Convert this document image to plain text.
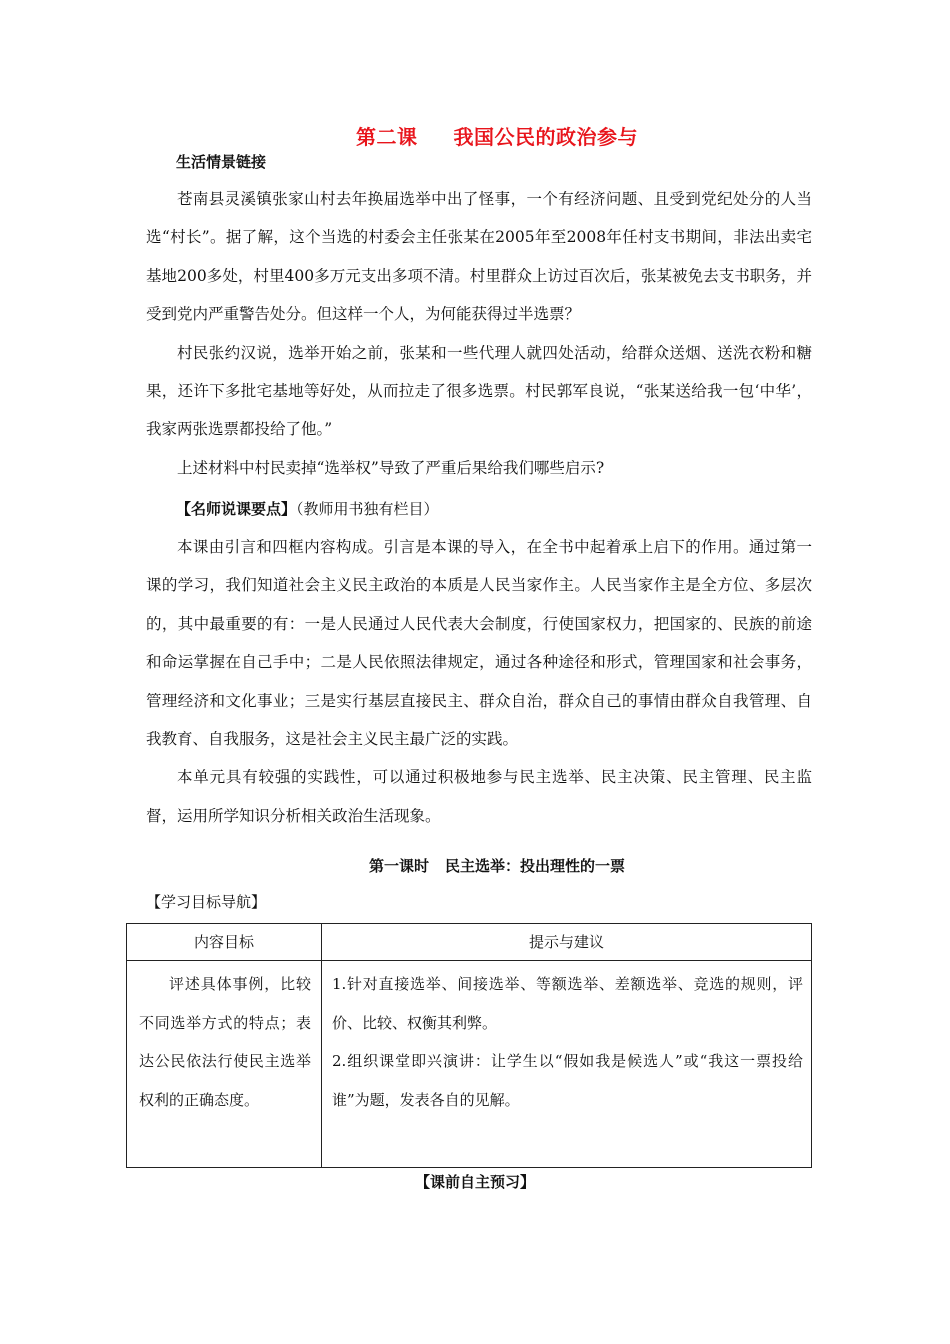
第二课 我国公民的政治参与
生活情景链接

苍南县灵溪镇张家山村去年换届选举中出了怪事，一个有经济问题、且受到党纪处分的人当选“村长”。据了解，这个当选的村委会主任张某在2005年至2008年任村支书期间，非法出卖宅基地200多处，村里400多万元支出多项不清。村里群众上访过百次后，张某被免去支书职务，并受到党内严重警告处分。但这样一个人，为何能获得过半选票？

村民张约汉说，选举开始之前，张某和一些代理人就四处活动，给群众送烟、送洗衣粉和糖果，还许下多批宅基地等好处，从而拉走了很多选票。村民郭军良说，“张某送给我一包‘中华’，我家两张选票都投给了他。”

上述材料中村民卖掉“选举权”导致了严重后果给我们哪些启示?

【名师说课要点】（教师用书独有栏目）

本课由引言和四框内容构成。引言是本课的导入，在全书中起着承上启下的作用。通过第一课的学习，我们知道社会主义民主政治的本质是人民当家作主。人民当家作主是全方位、多层次的，其中最重要的有：一是人民通过人民代表大会制度，行使国家权力，把国家的、民族的前途和命运掌握在自己手中；二是人民依照法律规定，通过各种途径和形式，管理国家和社会事务，管理经济和文化事业；三是实行基层直接民主、群众自治，群众自己的事情由群众自我管理、自我教育、自我服务，这是社会主义民主最广泛的实践。

本单元具有较强的实践性，可以通过积极地参与民主选举、民主决策、民主管理、民主监督，运用所学知识分析相关政治生活现象。

第一课时 民主选举：投出理性的一票
【学习目标导航】
内容目标	提示与建议

评述具体事例，比较不同选举方式的特点；表达公民依法行使民主选举权利的正确态度。	1.针对直接选举、间接选举、等额选举、差额选举、竞选的规则，评价、比较、权衡其利弊。
2.组织课堂即兴演讲：让学生以“假如我是候选人”或“我这一票投给谁”为题，发表各自的见解。
【课前自主预习】
